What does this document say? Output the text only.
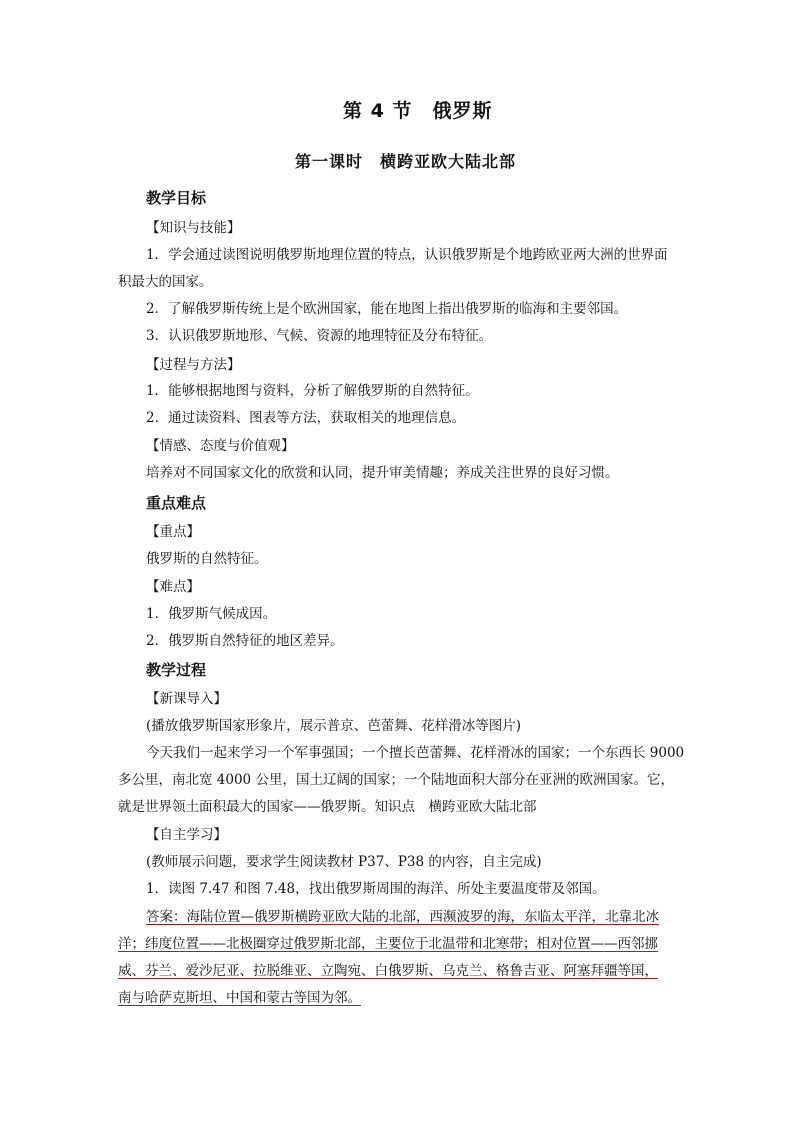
第 4 节　俄罗斯
第一课时　横跨亚欧大陆北部
教学目标
【知识与技能】
1．学会通过读图说明俄罗斯地理位置的特点，认识俄罗斯是个地跨欧亚两大洲的世界面
积最大的国家。
2．了解俄罗斯传统上是个欧洲国家，能在地图上指出俄罗斯的临海和主要邻国。
3．认识俄罗斯地形、气候、资源的地理特征及分布特征。
【过程与方法】
1．能够根据地图与资料，分析了解俄罗斯的自然特征。
2．通过读资料、图表等方法，获取相关的地理信息。
【情感、态度与价值观】
培养对不同国家文化的欣赏和认同，提升审美情趣；养成关注世界的良好习惯。
重点难点
【重点】
俄罗斯的自然特征。
【难点】
1．俄罗斯气候成因。
2．俄罗斯自然特征的地区差异。
教学过程
【新课导入】
(播放俄罗斯国家形象片，展示普京、芭蕾舞、花样滑冰等图片)
今天我们一起来学习一个军事强国；一个擅长芭蕾舞、花样滑冰的国家；一个东西长 9000
多公里，南北宽 4000 公里，国土辽阔的国家；一个陆地面积大部分在亚洲的欧洲国家。它，
就是世界领土面积最大的国家——俄罗斯。知识点　横跨亚欧大陆北部
【自主学习】
(教师展示问题，要求学生阅读教材 P37、P38 的内容，自主完成)
1．读图 7.47 和图 7.48，找出俄罗斯周围的海洋、所处主要温度带及邻国。
答案：海陆位置—俄罗斯横跨亚欧大陆的北部，西濒波罗的海，东临太平洋，北靠北冰
洋；纬度位置——北极圈穿过俄罗斯北部，主要位于北温带和北寒带；相对位置——西邻挪
威、芬兰、爱沙尼亚、拉脱维亚、立陶宛、白俄罗斯、乌克兰、格鲁吉亚、阿塞拜疆等国，
南与哈萨克斯坦、中国和蒙古等国为邻。
